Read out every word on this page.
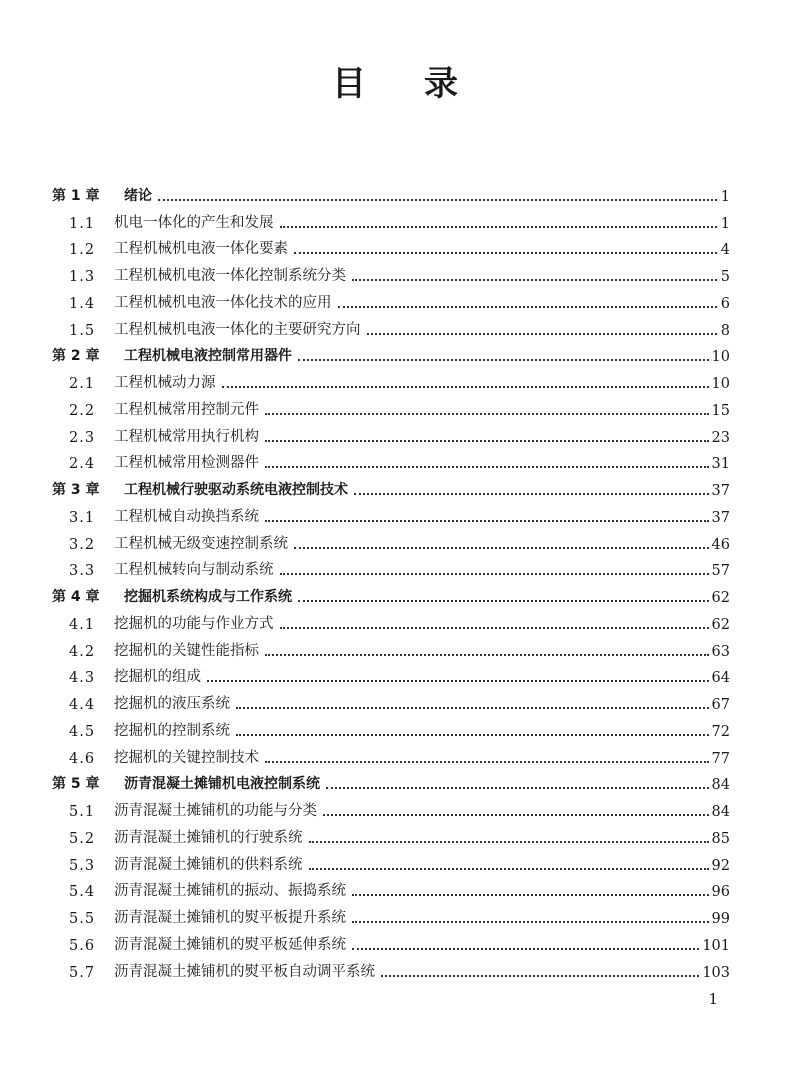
目录
第 1 章	绪论	1
1.1	机电一体化的产生和发展	1
1.2	工程机械机电液一体化要素	4
1.3	工程机械机电液一体化控制系统分类	5
1.4	工程机械机电液一体化技术的应用	6
1.5	工程机械机电液一体化的主要研究方向	8
第 2 章	工程机械电液控制常用器件	10
2.1	工程机械动力源	10
2.2	工程机械常用控制元件	15
2.3	工程机械常用执行机构	23
2.4	工程机械常用检测器件	31
第 3 章	工程机械行驶驱动系统电液控制技术	37
3.1	工程机械自动换挡系统	37
3.2	工程机械无级变速控制系统	46
3.3	工程机械转向与制动系统	57
第 4 章	挖掘机系统构成与工作系统	62
4.1	挖掘机的功能与作业方式	62
4.2	挖掘机的关键性能指标	63
4.3	挖掘机的组成	64
4.4	挖掘机的液压系统	67
4.5	挖掘机的控制系统	72
4.6	挖掘机的关键控制技术	77
第 5 章	沥青混凝土摊铺机电液控制系统	84
5.1	沥青混凝土摊铺机的功能与分类	84
5.2	沥青混凝土摊铺机的行驶系统	85
5.3	沥青混凝土摊铺机的供料系统	92
5.4	沥青混凝土摊铺机的振动、振捣系统	96
5.5	沥青混凝土摊铺机的熨平板提升系统	99
5.6	沥青混凝土摊铺机的熨平板延伸系统	101
5.7	沥青混凝土摊铺机的熨平板自动调平系统	103
1
